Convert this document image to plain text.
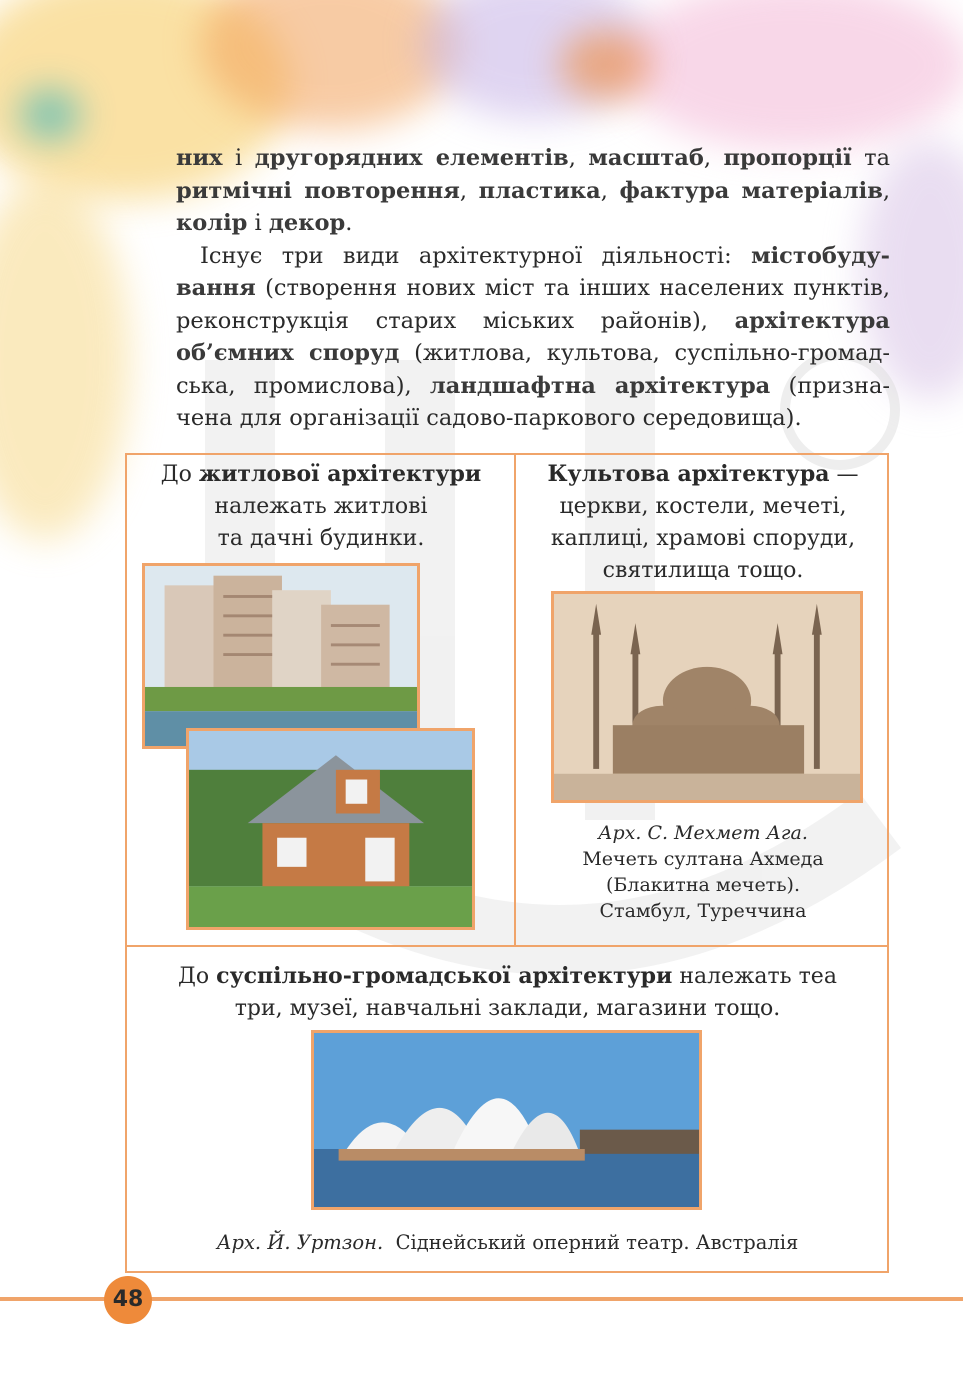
них і другорядних елементів, масштаб, пропорції та ритмічні повторення, пластика, фактура матеріалів, колір і декор.

Існує три види архітектурної діяльності: містобудування (створення нових міст та інших населених пунктів, реконструкція старих міських районів), архітектура об’ємних споруд (житлова, культова, суспільно-громадська, промислова), ландшафтна архітектура (призначена для організації садово-паркового середовища).

До житлової архітектури
належать житлові
та дачні будинки.
Культова архітектура —
церкви, костели, мечеті,
каплиці, храмові споруди,
святилища тощо.
Арх. С. Мехмет Ага.
Мечеть султана Ахмеда
(Блакитна мечеть).
Стамбул, Туреччина
До суспільно-громадської архітектури належать теа
три, музеї, навчальні заклади, магазини тощо.
Арх. Й. Уртзон.  Сіднейський оперний театр. Австралія
48
